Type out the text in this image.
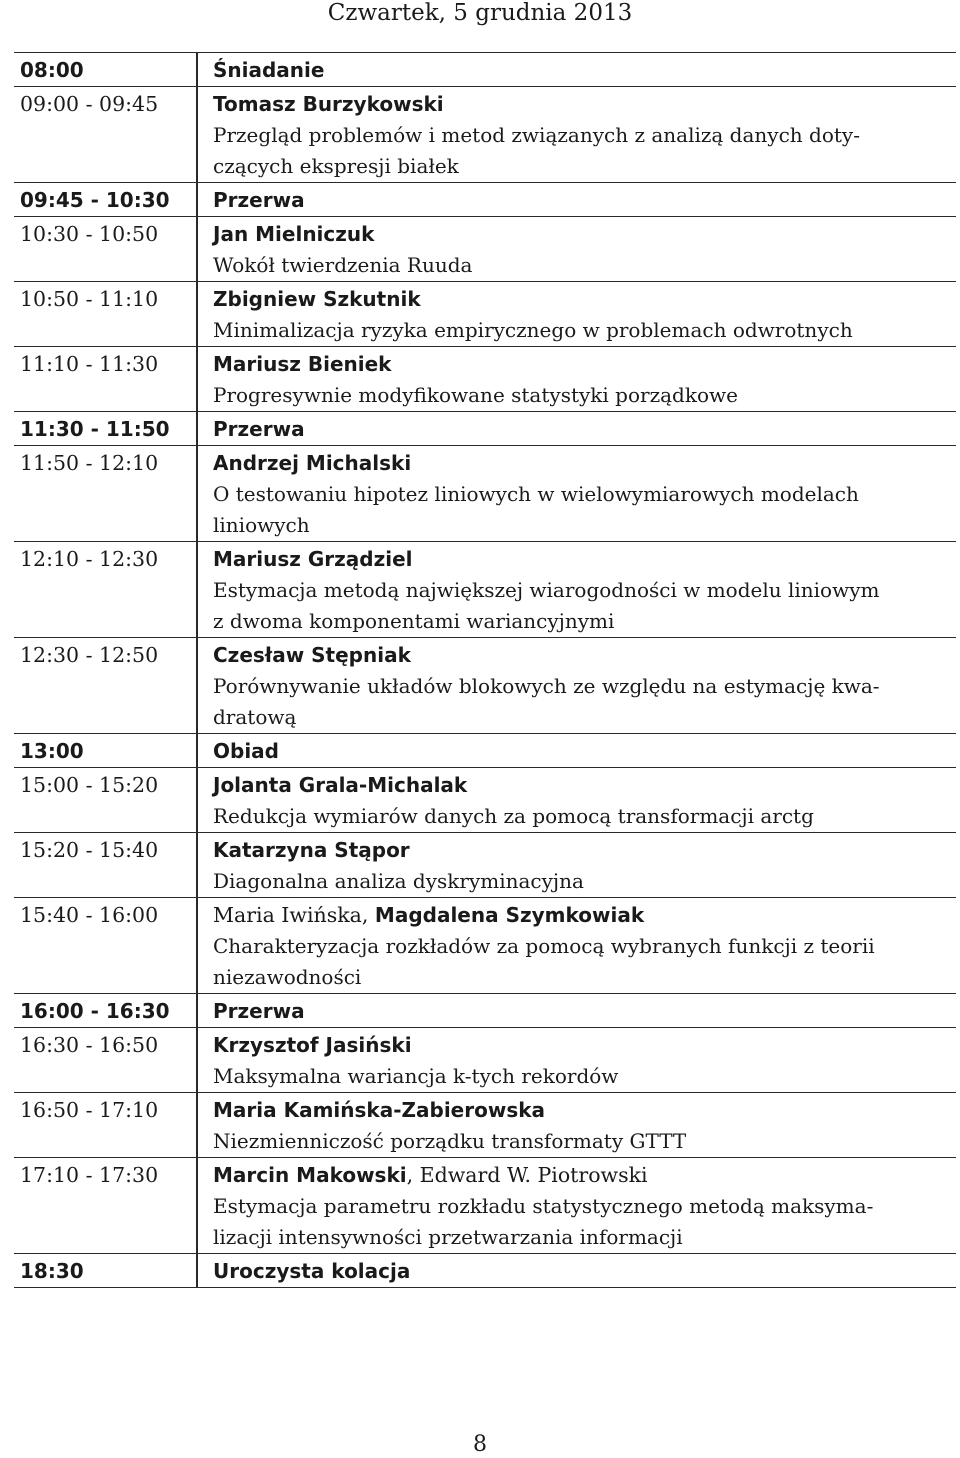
Czwartek, 5 grudnia 2013
08:00	Śniadanie
09:00 - 09:45	Tomasz Burzykowski
Przegląd problemów i metod związanych z analizą danych doty-
czących ekspresji białek
09:45 - 10:30	Przerwa
10:30 - 10:50	Jan Mielniczuk
Wokół twierdzenia Ruuda
10:50 - 11:10	Zbigniew Szkutnik
Minimalizacja ryzyka empirycznego w problemach odwrotnych
11:10 - 11:30	Mariusz Bieniek
Progresywnie modyfikowane statystyki porządkowe
11:30 - 11:50	Przerwa
11:50 - 12:10	Andrzej Michalski
O testowaniu hipotez liniowych w wielowymiarowych modelach
liniowych
12:10 - 12:30	Mariusz Grządziel
Estymacja metodą największej wiarogodności w modelu liniowym
z dwoma komponentami wariancyjnymi
12:30 - 12:50	Czesław Stępniak
Porównywanie układów blokowych ze względu na estymację kwa-
dratową
13:00	Obiad
15:00 - 15:20	Jolanta Grala-Michalak
Redukcja wymiarów danych za pomocą transformacji arctg
15:20 - 15:40	Katarzyna Stąpor
Diagonalna analiza dyskryminacyjna
15:40 - 16:00	Maria Iwińska, Magdalena Szymkowiak
Charakteryzacja rozkładów za pomocą wybranych funkcji z teorii
niezawodności
16:00 - 16:30	Przerwa
16:30 - 16:50	Krzysztof Jasiński
Maksymalna wariancja k-tych rekordów
16:50 - 17:10	Maria Kamińska-Zabierowska
Niezmienniczość porządku transformaty GTTT
17:10 - 17:30	Marcin Makowski, Edward W. Piotrowski
Estymacja parametru rozkładu statystycznego metodą maksyma-
lizacji intensywności przetwarzania informacji
18:30	Uroczysta kolacja
8
